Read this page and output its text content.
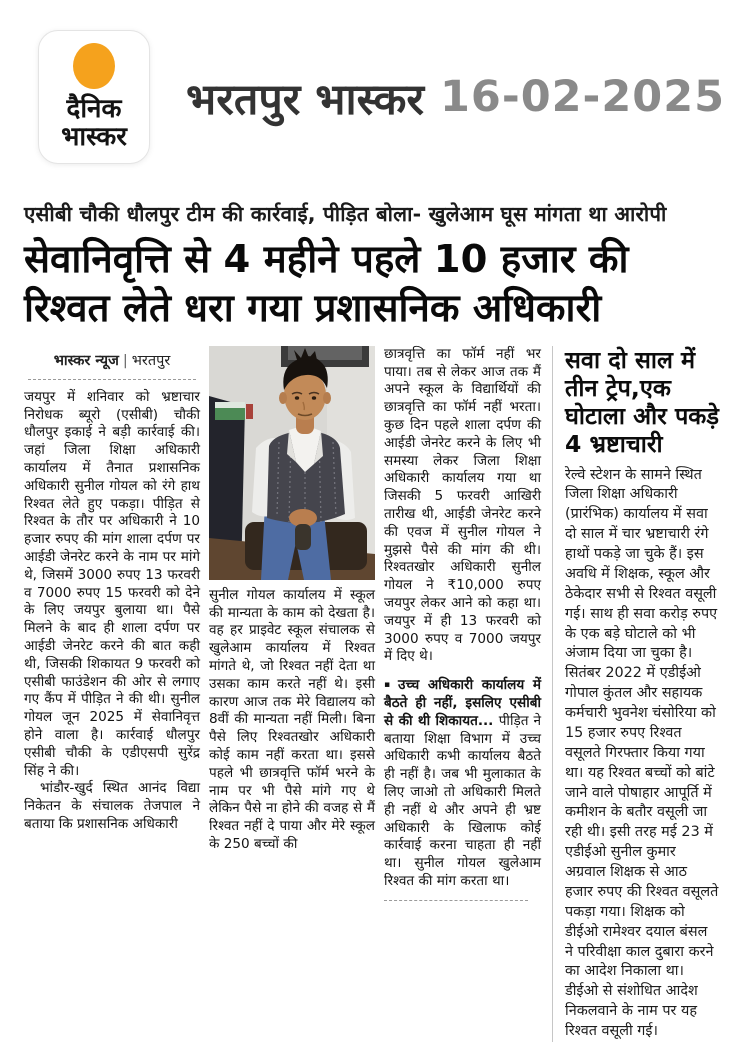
दैनिक
भास्कर
भरतपुर भास्कर 16-02-2025
एसीबी चौकी धौलपुर टीम की कार्रवाई, पीड़ित बोला- खुलेआम घूस मांगता था आरोपी
सेवानिवृत्ति से 4 महीने पहले 10 हजार की रिश्वत लेते धरा गया प्रशासनिक अधिकारी
भास्कर न्यूज | भरतपुर
जयपुर में शनिवार को भ्रष्टाचार निरोधक ब्यूरो (एसीबी) चौकी धौलपुर इकाई ने बड़ी कार्रवाई की। जहां जिला शिक्षा अधिकारी कार्यालय में तैनात प्रशासनिक अधिकारी सुनील गोयल को रंगे हाथ रिश्वत लेते हुए पकड़ा। पीड़ित से रिश्वत के तौर पर अधिकारी ने 10 हजार रुपए की मांग शाला दर्पण पर आईडी जेनरेट करने के नाम पर मांगे थे, जिसमें 3000 रुपए 13 फरवरी व 7000 रुपए 15 फरवरी को देने के लिए जयपुर बुलाया था। पैसे मिलने के बाद ही शाला दर्पण पर आईडी जेनरेट करने की बात कही थी, जिसकी शिकायत 9 फरवरी को एसीबी फाउंडेशन की ओर से लगाए गए कैंप में पीड़ित ने की थी। सुनील गोयल जून 2025 में सेवानिवृत्त होने वाला है। कार्रवाई धौलपुर एसीबी चौकी के एडीएसपी सुरेंद्र सिंह ने की।
भांडौर-खुर्द स्थित आनंद विद्या निकेतन के संचालक तेजपाल ने बताया कि प्रशासनिक अधिकारी
सुनील गोयल कार्यालय में स्कूल की मान्यता के काम को देखता है। वह हर प्राइवेट स्कूल संचालक से खुलेआम कार्यालय में रिश्वत मांगते थे, जो रिश्वत नहीं देता था उसका काम करते नहीं थे। इसी कारण आज तक मेरे विद्यालय को 8वीं की मान्यता नहीं मिली। बिना पैसे लिए रिश्वतखोर अधिकारी कोई काम नहीं करता था। इससे पहले भी छात्रवृत्ति फॉर्म भरने के नाम पर भी पैसे मांगे गए थे लेकिन पैसे ना होने की वजह से मैं रिश्वत नहीं दे पाया और मेरे स्कूल के 250 बच्चों की
छात्रवृत्ति का फॉर्म नहीं भर पाया। तब से लेकर आज तक मैं अपने स्कूल के विद्यार्थियों की छात्रवृत्ति का फॉर्म नहीं भरता। कुछ दिन पहले शाला दर्पण की आईडी जेनरेट करने के लिए भी समस्या लेकर जिला शिक्षा अधिकारी कार्यालय गया था जिसकी 5 फरवरी आखिरी तारीख थी, आईडी जेनरेट करने की एवज में सुनील गोयल ने मुझसे पैसे की मांग की थी। रिश्वतखोर अधिकारी सुनील गोयल ने ₹10,000 रुपए जयपुर लेकर आने को कहा था। जयपुर में ही 13 फरवरी को 3000 रुपए व 7000 जयपुर में दिए थे।
▪ उच्च अधिकारी कार्यालय में बैठते ही नहीं, इसलिए एसीबी से की थी शिकायत... पीड़ित ने बताया शिक्षा विभाग में उच्च अधिकारी कभी कार्यालय बैठते ही नहीं है। जब भी मुलाकात के लिए जाओ तो अधिकारी मिलते ही नहीं थे और अपने ही भ्रष्ट अधिकारी के खिलाफ कोई कार्रवाई करना चाहता ही नहीं था। सुनील गोयल खुलेआम रिश्वत की मांग करता था।
सवा दो साल में तीन ट्रेप,एक घोटाला और पकड़े 4 भ्रष्टाचारी
रेल्वे स्टेशन के सामने स्थित जिला शिक्षा अधिकारी (प्रारंभिक) कार्यालय में सवा दो साल में चार भ्रष्टाचारी रंगे हाथों पकड़े जा चुके हैं। इस अवधि में शिक्षक, स्कूल और ठेकेदार सभी से रिश्वत वसूली गई। साथ ही सवा करोड़ रुपए के एक बड़े घोटाले को भी अंजाम दिया जा चुका है। सितंबर 2022 में एडीईओ गोपाल कुंतल और सहायक कर्मचारी भुवनेश चंसोरिया को 15 हजार रुपए रिश्वत वसूलते गिरफ्तार किया गया था। यह रिश्वत बच्चों को बांटे जाने वाले पोषाहार आपूर्ति में कमीशन के बतौर वसूली जा रही थी। इसी तरह मई 23 में एडीईओ सुनील कुमार अग्रवाल शिक्षक से आठ हजार रुपए की रिश्वत वसूलते पकड़ा गया। शिक्षक को डीईओ रामेश्वर दयाल बंसल ने परिवीक्षा काल दुबारा करने का आदेश निकाला था। डीईओ से संशोधित आदेश निकलवाने के नाम पर यह रिश्वत वसूली गई।
